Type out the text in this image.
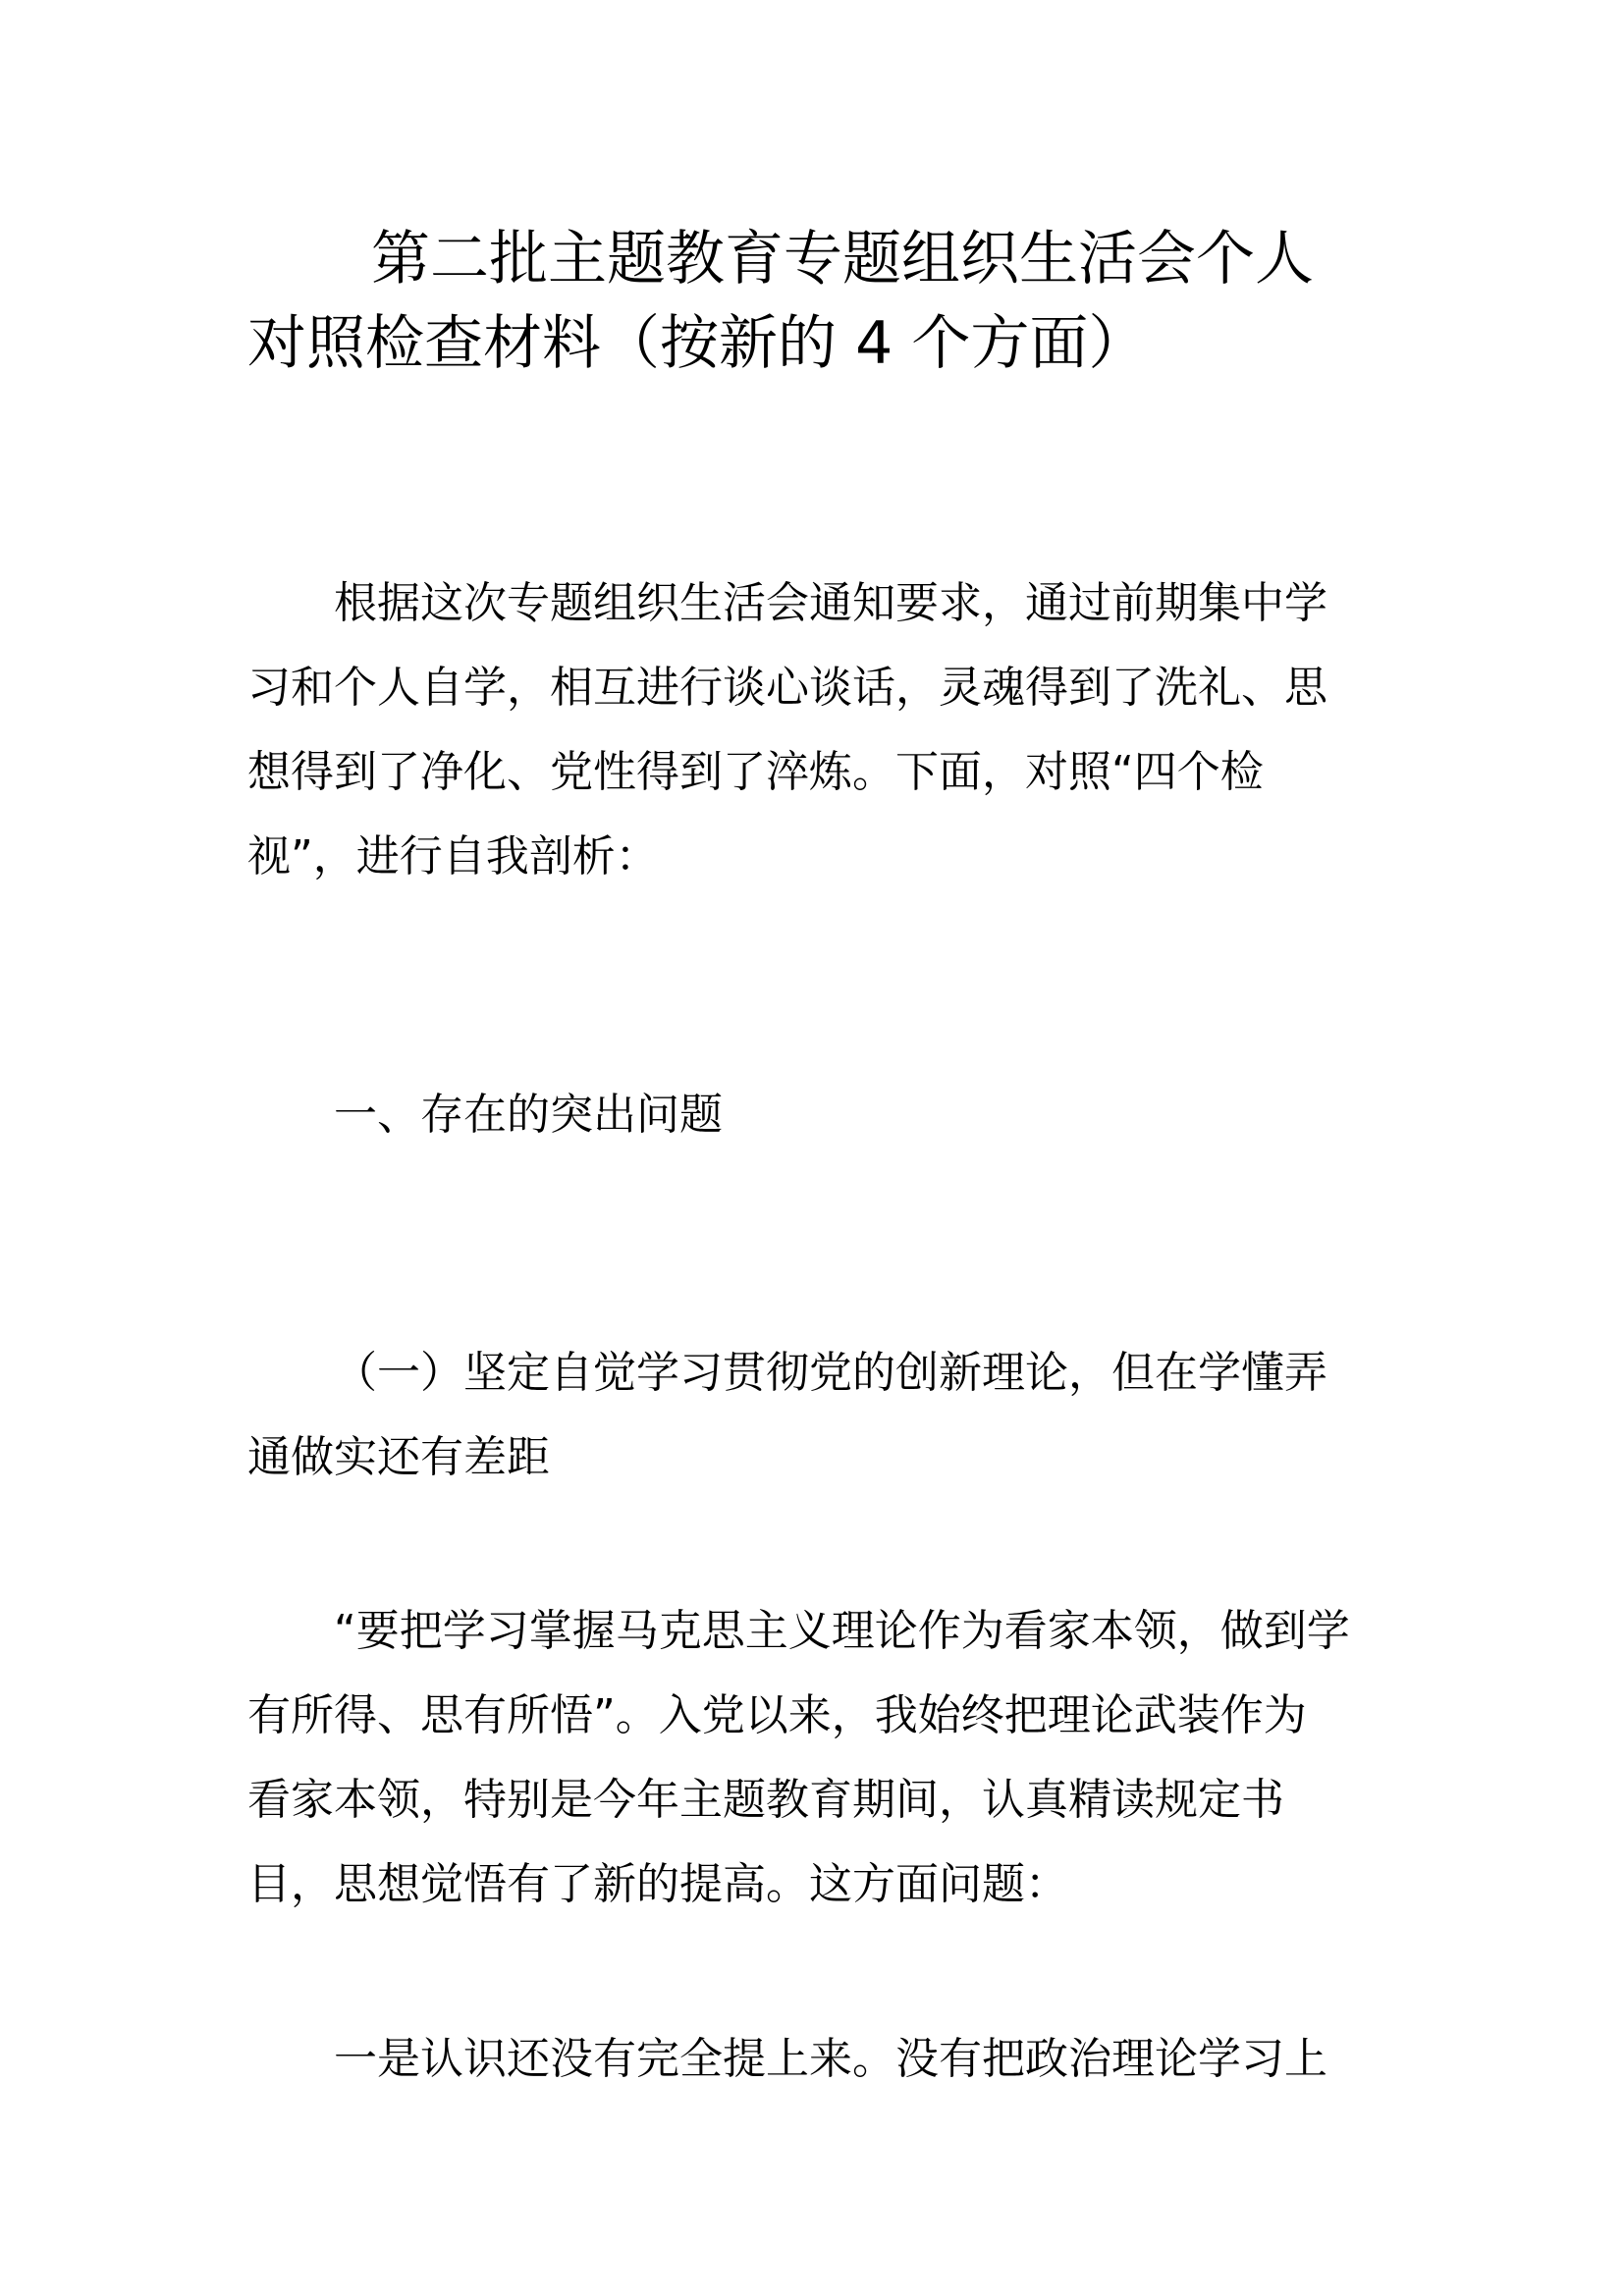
第二批主题教育专题组织生活会个人
对照检查材料（按新的 4 个方面）

根据这次专题组织生活会通知要求，通过前期集中学

习和个人自学，相互进行谈心谈话，灵魂得到了洗礼、思

想得到了净化、党性得到了淬炼。下面，对照“四个检

视”，进行自我剖析：

一、存在的突出问题

（一）坚定自觉学习贯彻党的创新理论，但在学懂弄

通做实还有差距

“要把学习掌握马克思主义理论作为看家本领，做到学

有所得、思有所悟”。入党以来，我始终把理论武装作为

看家本领，特别是今年主题教育期间，认真精读规定书

目，思想觉悟有了新的提高。这方面问题：

一是认识还没有完全提上来。没有把政治理论学习上
